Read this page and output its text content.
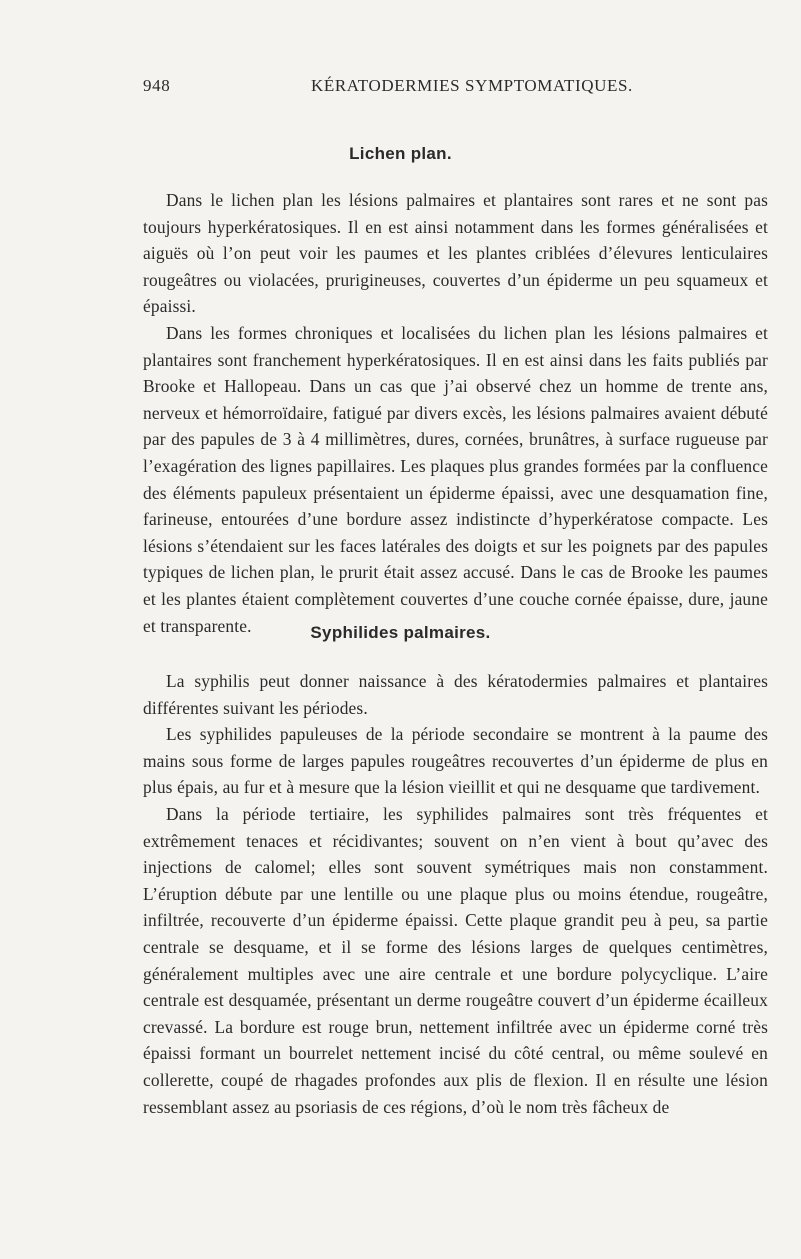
948	KÉRATODERMIES SYMPTOMATIQUES.
Lichen plan.

Dans le lichen plan les lésions palmaires et plantaires sont rares et ne sont pas toujours hyperkératosiques. Il en est ainsi notamment dans les formes généralisées et aiguës où l’on peut voir les paumes et les plantes criblées d’élevures lenticulaires rougeâtres ou violacées, prurigineuses, couvertes d’un épiderme un peu squameux et épaissi.

Dans les formes chroniques et localisées du lichen plan les lésions palmaires et plantaires sont franchement hyperkératosiques. Il en est ainsi dans les faits publiés par Brooke et Hallopeau. Dans un cas que j’ai observé chez un homme de trente ans, nerveux et hémorroïdaire, fatigué par divers excès, les lésions palmaires avaient débuté par des papules de 3 à 4 millimètres, dures, cornées, brunâtres, à surface rugueuse par l’exagération des lignes papillaires. Les plaques plus grandes formées par la confluence des éléments papuleux présentaient un épiderme épaissi, avec une desquamation fine, farineuse, entourées d’une bordure assez indistincte d’hyperkératose compacte. Les lésions s’étendaient sur les faces latérales des doigts et sur les poignets par des papules typiques de lichen plan, le prurit était assez accusé. Dans le cas de Brooke les paumes et les plantes étaient complètement couvertes d’une couche cornée épaisse, dure, jaune et transparente.	Syphilides palmaires.

La syphilis peut donner naissance à des kératodermies palmaires et plantaires différentes suivant les périodes.

Les syphilides papuleuses de la période secondaire se montrent à la paume des mains sous forme de larges papules rougeâtres recouvertes d’un épiderme de plus en plus épais, au fur et à mesure que la lésion vieillit et qui ne desquame que tardivement.

Dans la période tertiaire, les syphilides palmaires sont très fréquentes et extrêmement tenaces et récidivantes; souvent on n’en vient à bout qu’avec des injections de calomel; elles sont souvent symétriques mais non constamment. L’éruption débute par une lentille ou une plaque plus ou moins étendue, rougeâtre, infiltrée, recouverte d’un épiderme épaissi. Cette plaque grandit peu à peu, sa partie centrale se desquame, et il se forme des lésions larges de quelques centimètres, généralement multiples avec une aire centrale et une bordure polycyclique. L’aire centrale est desquamée, présentant un derme rougeâtre couvert d’un épiderme écailleux crevassé. La bordure est rouge brun, nettement infiltrée avec un épiderme corné très épaissi formant un bourrelet nettement incisé du côté central, ou même soulevé en collerette, coupé de rhagades profondes aux plis de flexion. Il en résulte une lésion ressemblant assez au psoriasis de ces régions, d’où le nom très fâcheux de
